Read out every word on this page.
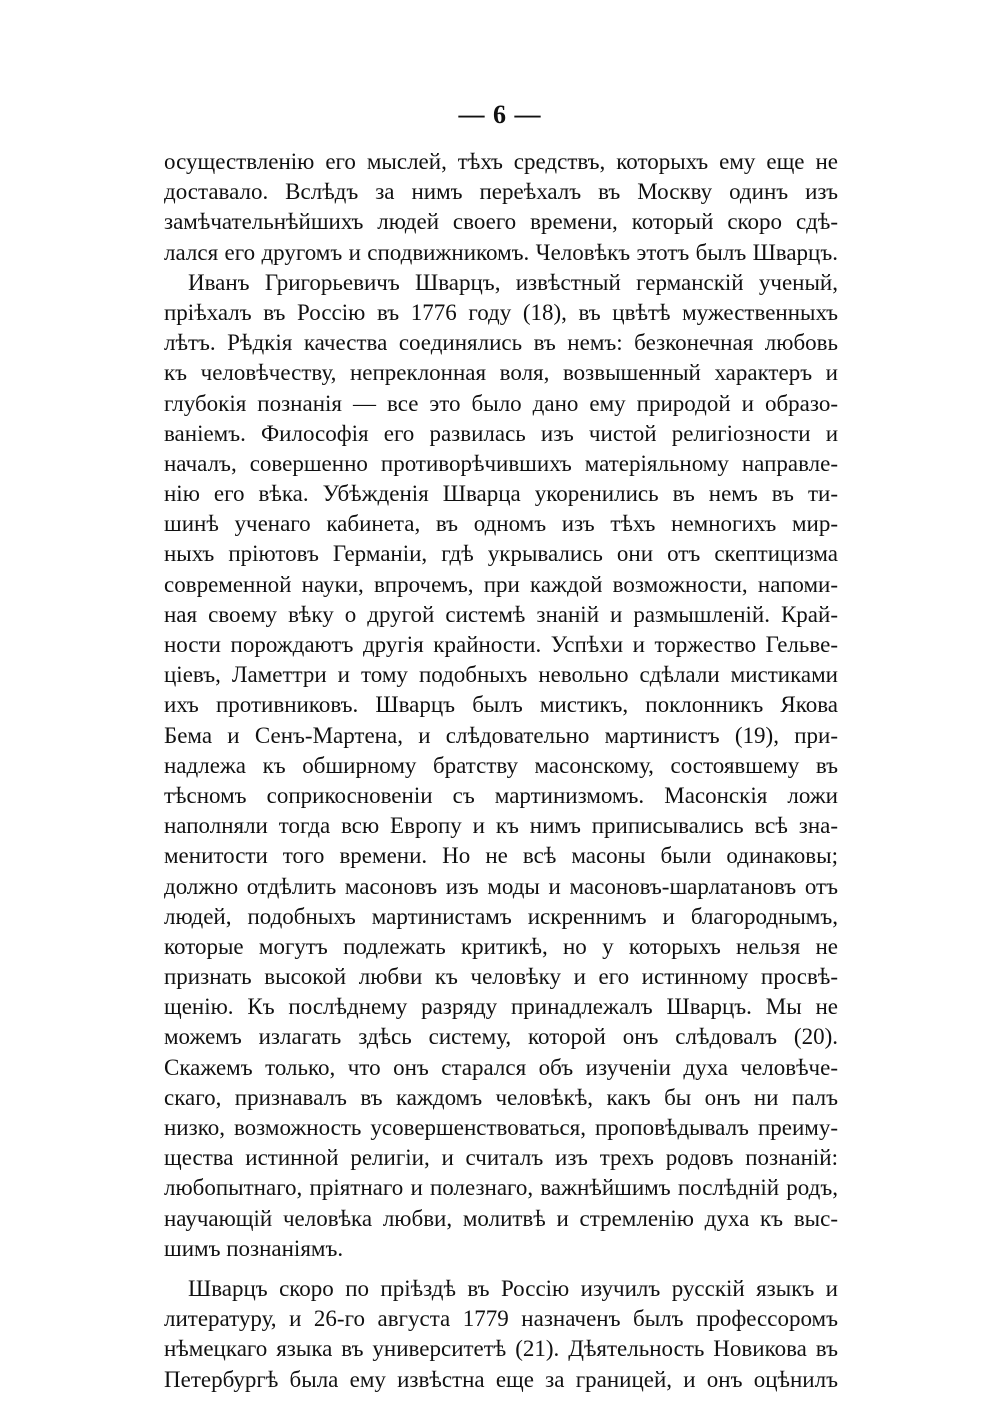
— 6 —
осуществленію его мыслей, тѣхъ средствъ, которыхъ ему еще не
доставало. Вслѣдъ за нимъ переѣхалъ въ Москву одинъ изъ
замѣчательнѣйшихъ людей своего времени, который скоро сдѣ-
лался его другомъ и сподвижникомъ. Человѣкъ этотъ былъ Шварцъ.
Иванъ Григорьевичъ Шварцъ, извѣстный германскій ученый,
пріѣхалъ въ Россію въ 1776 году (18), въ цвѣтѣ мужественныхъ
лѣтъ. Рѣдкія качества соединялись въ немъ: безконечная любовь
къ человѣчеству, непреклонная воля, возвышенный характеръ и
глубокія познанія — все это было дано ему природой и образо-
ваніемъ. Философія его развилась изъ чистой религіозности и
началъ, совершенно противорѣчившихъ матеріяльному направле-
нію его вѣка. Убѣжденія Шварца укоренились въ немъ въ ти-
шинѣ ученаго кабинета, въ одномъ изъ тѣхъ немногихъ мир-
ныхъ пріютовъ Германіи, гдѣ укрывались они отъ скептицизма
современной науки, впрочемъ, при каждой возможности, напоми-
ная своему вѣку о другой системѣ знаній и размышленій. Край-
ности порождаютъ другія крайности. Успѣхи и торжество Гельве-
ціевъ, Ламеттри и тому подобныхъ невольно сдѣлали мистиками
ихъ противниковъ. Шварцъ былъ мистикъ, поклонникъ Якова
Бема и Сенъ-Мартена, и слѣдовательно мартинистъ (19), при-
надлежа къ обширному братству масонскому, состоявшему въ
тѣсномъ соприкосновеніи съ мартинизмомъ. Масонскія ложи
наполняли тогда всю Европу и къ нимъ приписывались всѣ зна-
менитости того времени. Но не всѣ масоны были одинаковы;
должно отдѣлить масоновъ изъ моды и масоновъ-шарлатановъ отъ
людей, подобныхъ мартинистамъ искреннимъ и благороднымъ,
которые могутъ подлежать критикѣ, но у которыхъ нельзя не
признать высокой любви къ человѣку и его истинному просвѣ-
щенію. Къ послѣднему разряду принадлежалъ Шварцъ. Мы не
можемъ излагать здѣсь систему, которой онъ слѣдовалъ (20).
Скажемъ только, что онъ старался объ изученіи духа человѣче-
скаго, признавалъ въ каждомъ человѣкѣ, какъ бы онъ ни палъ
низко, возможность усовершенствоваться, проповѣдывалъ преиму-
щества истинной религіи, и считалъ изъ трехъ родовъ познаній:
любопытнаго, пріятнаго и полезнаго, важнѣйшимъ послѣдній родъ,
научающій человѣка любви, молитвѣ и стремленію духа къ выс-
шимъ познаніямъ.
Шварцъ скоро по пріѣздѣ въ Россію изучилъ русскій языкъ и
литературу, и 26-го августа 1779 назначенъ былъ профессоромъ
нѣмецкаго языка въ университетѣ (21). Дѣятельность Новикова въ
Петербургѣ была ему извѣстна еще за границей, и онъ оцѣнилъ
